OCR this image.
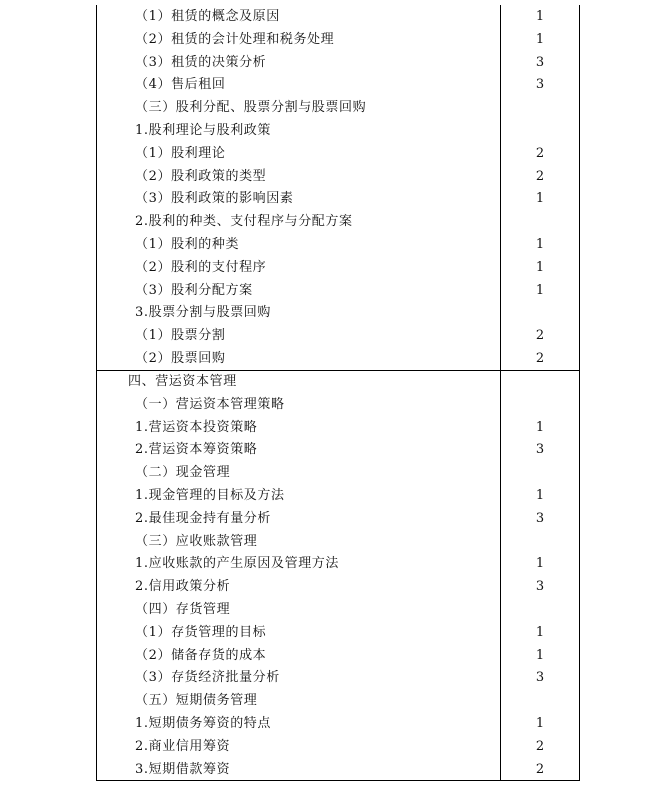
（1）租赁的概念及原因	1
（2）租赁的会计处理和税务处理	1
（3）租赁的决策分析	3
（4）售后租回	3
（三）股利分配、股票分割与股票回购
1.股利理论与股利政策
（1）股利理论	2
（2）股利政策的类型	2
（3）股利政策的影响因素	1
2.股利的种类、支付程序与分配方案
（1）股利的种类	1
（2）股利的支付程序	1
（3）股利分配方案	1
3.股票分割与股票回购
（1）股票分割	2
（2）股票回购	2
四、营运资本管理
（一）营运资本管理策略
1.营运资本投资策略	1
2.营运资本筹资策略	3
（二）现金管理
1.现金管理的目标及方法	1
2.最佳现金持有量分析	3
（三）应收账款管理
1.应收账款的产生原因及管理方法	1
2.信用政策分析	3
（四）存货管理
（1）存货管理的目标	1
（2）储备存货的成本	1
（3）存货经济批量分析	3
（五）短期债务管理
1.短期债务筹资的特点	1
2.商业信用筹资	2
3.短期借款筹资	2
